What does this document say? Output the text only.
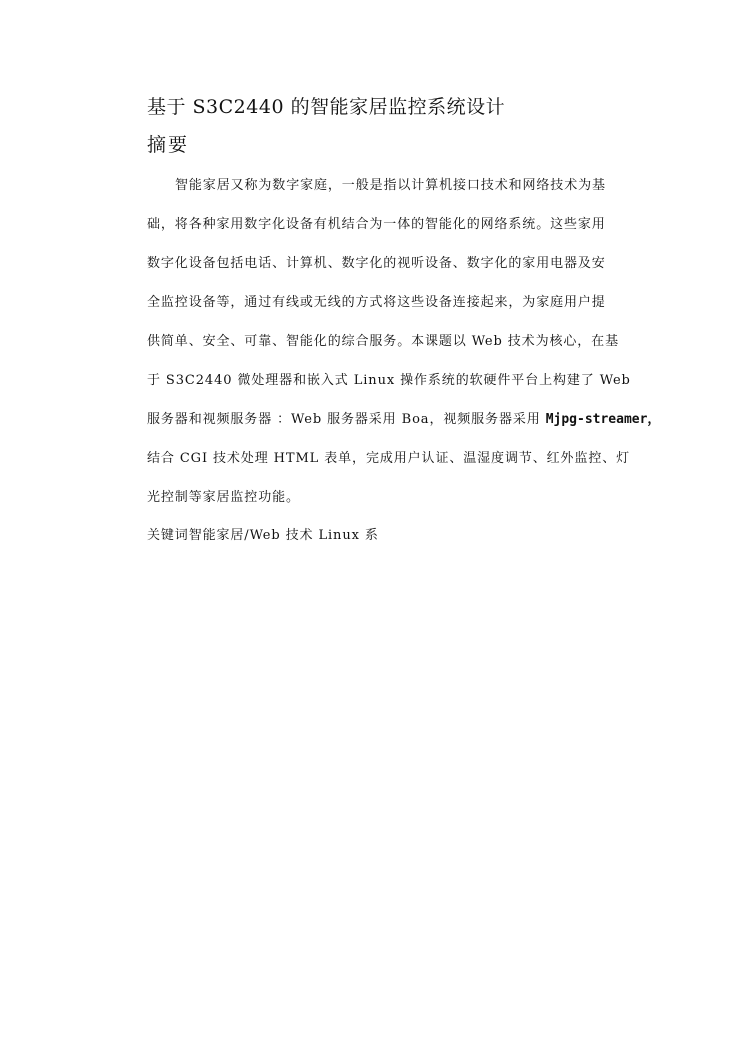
基于 S3C2440 的智能家居监控系统设计
摘要
智能家居又称为数字家庭，一般是指以计算机接口技术和网络技术为基
础，将各种家用数字化设备有机结合为一体的智能化的网络系统。这些家用
数字化设备包括电话、计算机、数字化的视听设备、数字化的家用电器及安
全监控设备等，通过有线或无线的方式将这些设备连接起来，为家庭用户提
供简单、安全、可靠、智能化的综合服务。本课题以 Web 技术为核心，在基
于 S3C2440 微处理器和嵌入式 Linux 操作系统的软硬件平台上构建了 Web
服务器和视频服务器 ：Web 服务器采用 Boa，视频服务器采用 Mjpg-streamer，
结合 CGI 技术处理 HTML 表单，完成用户认证、温湿度调节、红外监控、灯
光控制等家居监控功能。
关键词智能家居/Web 技术 Linux 系
